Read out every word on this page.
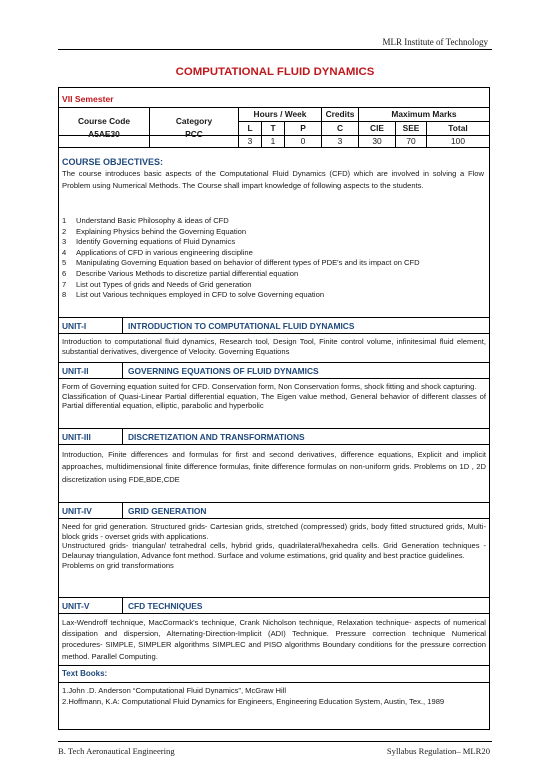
MLR Institute of Technology
COMPUTATIONAL FLUID DYNAMICS
VII Semester
Course Code	Category	Hours / Week			Credits	Maximum Marks		
		L	T	P	C	CIE	SEE	Total
A5AE30	PCC	3	1	0	3	30	70	100
COURSE OBJECTIVES:
The course introduces basic aspects of the Computational Fluid Dynamics (CFD) which are involved in solving a Flow Problem using Numerical Methods. The Course shall impart knowledge of following aspects to the students.
1	Understand Basic Philosophy & ideas of CFD
2	Explaining Physics behind the Governing Equation
3	Identify Governing equations of Fluid Dynamics
4	Applications of CFD in various engineering discipline
5	Manipulating Governing Equation based on behavior of different types of PDE's and its impact on CFD
6	Describe Various Methods to discretize partial differential equation
7	List out Types of grids and Needs of Grid generation
8	List out Various techniques employed in CFD to solve Governing equation
UNIT-I	INTRODUCTION TO COMPUTATIONAL FLUID DYNAMICS
Introduction to computational fluid dynamics, Research tool, Design Tool, Finite control volume, infinitesimal fluid element, substantial derivatives, divergence of Velocity. Governing Equations
UNIT-II	GOVERNING EQUATIONS OF FLUID DYNAMICS
Form of Governing equation suited for CFD. Conservation form, Non Conservation forms, shock fitting and shock capturing.
Classification of Quasi-Linear Partial differential equation, The Eigen value method, General behavior of different classes of Partial differential equation, elliptic, parabolic and hyperbolic
UNIT-III	DISCRETIZATION AND TRANSFORMATIONS
Introduction, Finite differences and formulas for first and second derivatives, difference equations, Explicit and implicit approaches, multidimensional finite difference formulas, finite difference formulas on non-uniform grids. Problems on 1D , 2D discretization using FDE,BDE,CDE
UNIT-IV	GRID GENERATION
Need for grid generation. Structured grids- Cartesian grids, stretched (compressed) grids, body fitted structured grids, Multi-block grids - overset grids with applications.
Unstructured grids- triangular/ tetrahedral cells, hybrid grids, quadrilateral/hexahedra cells. Grid Generation techniques - Delaunay triangulation, Advance font method. Surface and volume estimations, grid quality and best practice guidelines.
Problems on grid transformations
UNIT-V	CFD TECHNIQUES
Lax-Wendroff technique, MacCormack's technique, Crank Nicholson technique, Relaxation technique- aspects of numerical dissipation and dispersion, Alternating-Direction-Implicit (ADI) Technique. Pressure correction technique Numerical procedures- SIMPLE, SIMPLER algorithms SIMPLEC and PISO algorithms Boundary conditions for the pressure correction method. Parallel Computing.
Text Books:
1.John .D. Anderson “Computational Fluid Dynamics”, McGraw Hill
2.Hoffmann, K.A: Computational Fluid Dynamics for Engineers, Engineering Education System, Austin, Tex., 1989
B. Tech Aeronautical Engineering	Syllabus Regulation– MLR20
